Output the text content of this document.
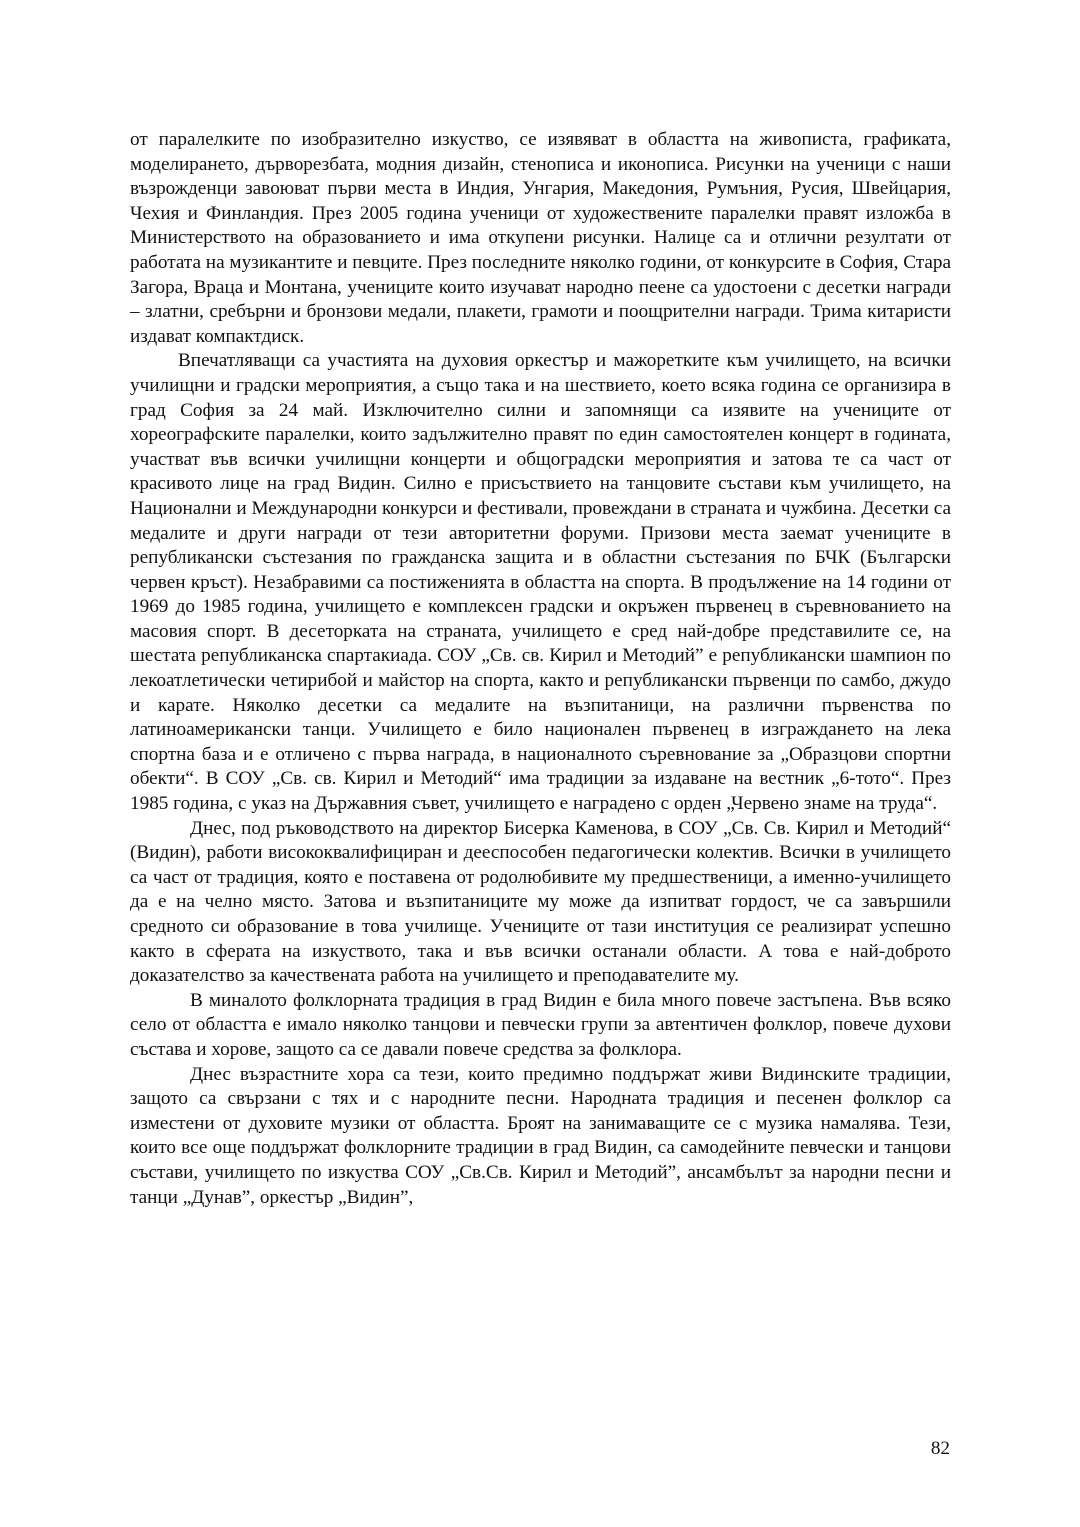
от паралелките по изобразително изкуство, се изявяват в областта на живописта, графиката, моделирането, дърворезбата, модния дизайн, стенописа и иконописа. Рисунки на ученици с наши възрожденци завоюват първи места в Индия, Унгария, Македония, Румъния, Русия, Швейцария, Чехия и Финландия. През 2005 година ученици от художествените паралелки правят изложба в Министерството на образованието и има откупени рисунки. Налице са и отлични резултати от работата на музикантите и певците. През последните няколко години, от конкурсите в София, Стара Загора, Враца и Монтана, учениците които изучават народно пеене са удостоени с десетки награди – златни, сребърни и бронзови медали, плакети, грамоти и поощрителни награди. Трима китаристи издават компактдиск.

Впечатляващи са участията на духовия оркестър и мажоретките към училището, на всички училищни и градски мероприятия, а също така и на шествието, което всяка година се организира в град София за 24 май. Изключително силни и запомнящи са изявите на учениците от хореографските паралелки, които задължително правят по един самостоятелен концерт в годината, участват във всички училищни концерти и общоградски мероприятия и затова те са част от красивото лице на град Видин. Силно е присъствието на танцовите състави към училището, на Национални и Международни конкурси и фестивали, провеждани в страната и чужбина. Десетки са медалите и други награди от тези авторитетни форуми. Призови места заемат учениците в републикански състезания по гражданска защита и в областни състезания по БЧК (Български червен кръст). Незабравими са постиженията в областта на спорта. В продължение на 14 години от 1969 до 1985 година, училището е комплексен градски и окръжен първенец в съревнованието на масовия спорт. В десеторката на страната, училището е сред най-добре представилите се, на шестата републиканска спартакиада. СОУ „Св. св. Кирил и Методий” е републикански шампион по лекоатлетически четирибой и майстор на спорта, както и републикански първенци по самбо, джудо и карате. Няколко десетки са медалите на възпитаници, на различни първенства по латиноамерикански танци. Училището е било национален първенец в изграждането на лека спортна база и е отличено с първа награда, в националното съревнование за „Образцови спортни обекти“. В СОУ „Св. св. Кирил и Методий“ има традиции за издаване на вестник „6-тото“. През 1985 година, с указ на Държавния съвет, училището е наградено с орден „Червено знаме на труда“.

Днес, под ръководството на директор Бисерка Каменова, в СОУ „Св. Св. Кирил и Методий“ (Видин), работи висококвалифициран и дееспособен педагогически колектив. Всички в училището са част от традиция, която е поставена от родолюбивите му предшественици, а именно-училището да е на челно място. Затова и възпитаниците му може да изпитват гордост, че са завършили средното си образование в това училище. Учениците от тази институция се реализират успешно както в сферата на изкуството, така и във всички останали области. А това е най-доброто доказателство за качествената работа на училището и преподавателите му.

В миналото фолклорната традиция в град Видин е била много повече застъпена. Във всяко село от областта е имало няколко танцови и певчески групи за автентичен фолклор, повече духови състава и хорове, защото са се давали повече средства за фолклора.

Днес възрастните хора са тези, които предимно поддържат живи Видинските традиции, защото са свързани с тях и с народните песни. Народната традиция и песенен фолклор са изместени от духовите музики от областта. Броят на занимаващите се с музика намалява. Тези, които все още поддържат фолклорните традиции в град Видин, са самодейните певчески и танцови състави, училището по изкуства СОУ „Св.Св. Кирил и Методий”, ансамбълът за народни песни и танци „Дунав”, оркестър „Видин”,

82
